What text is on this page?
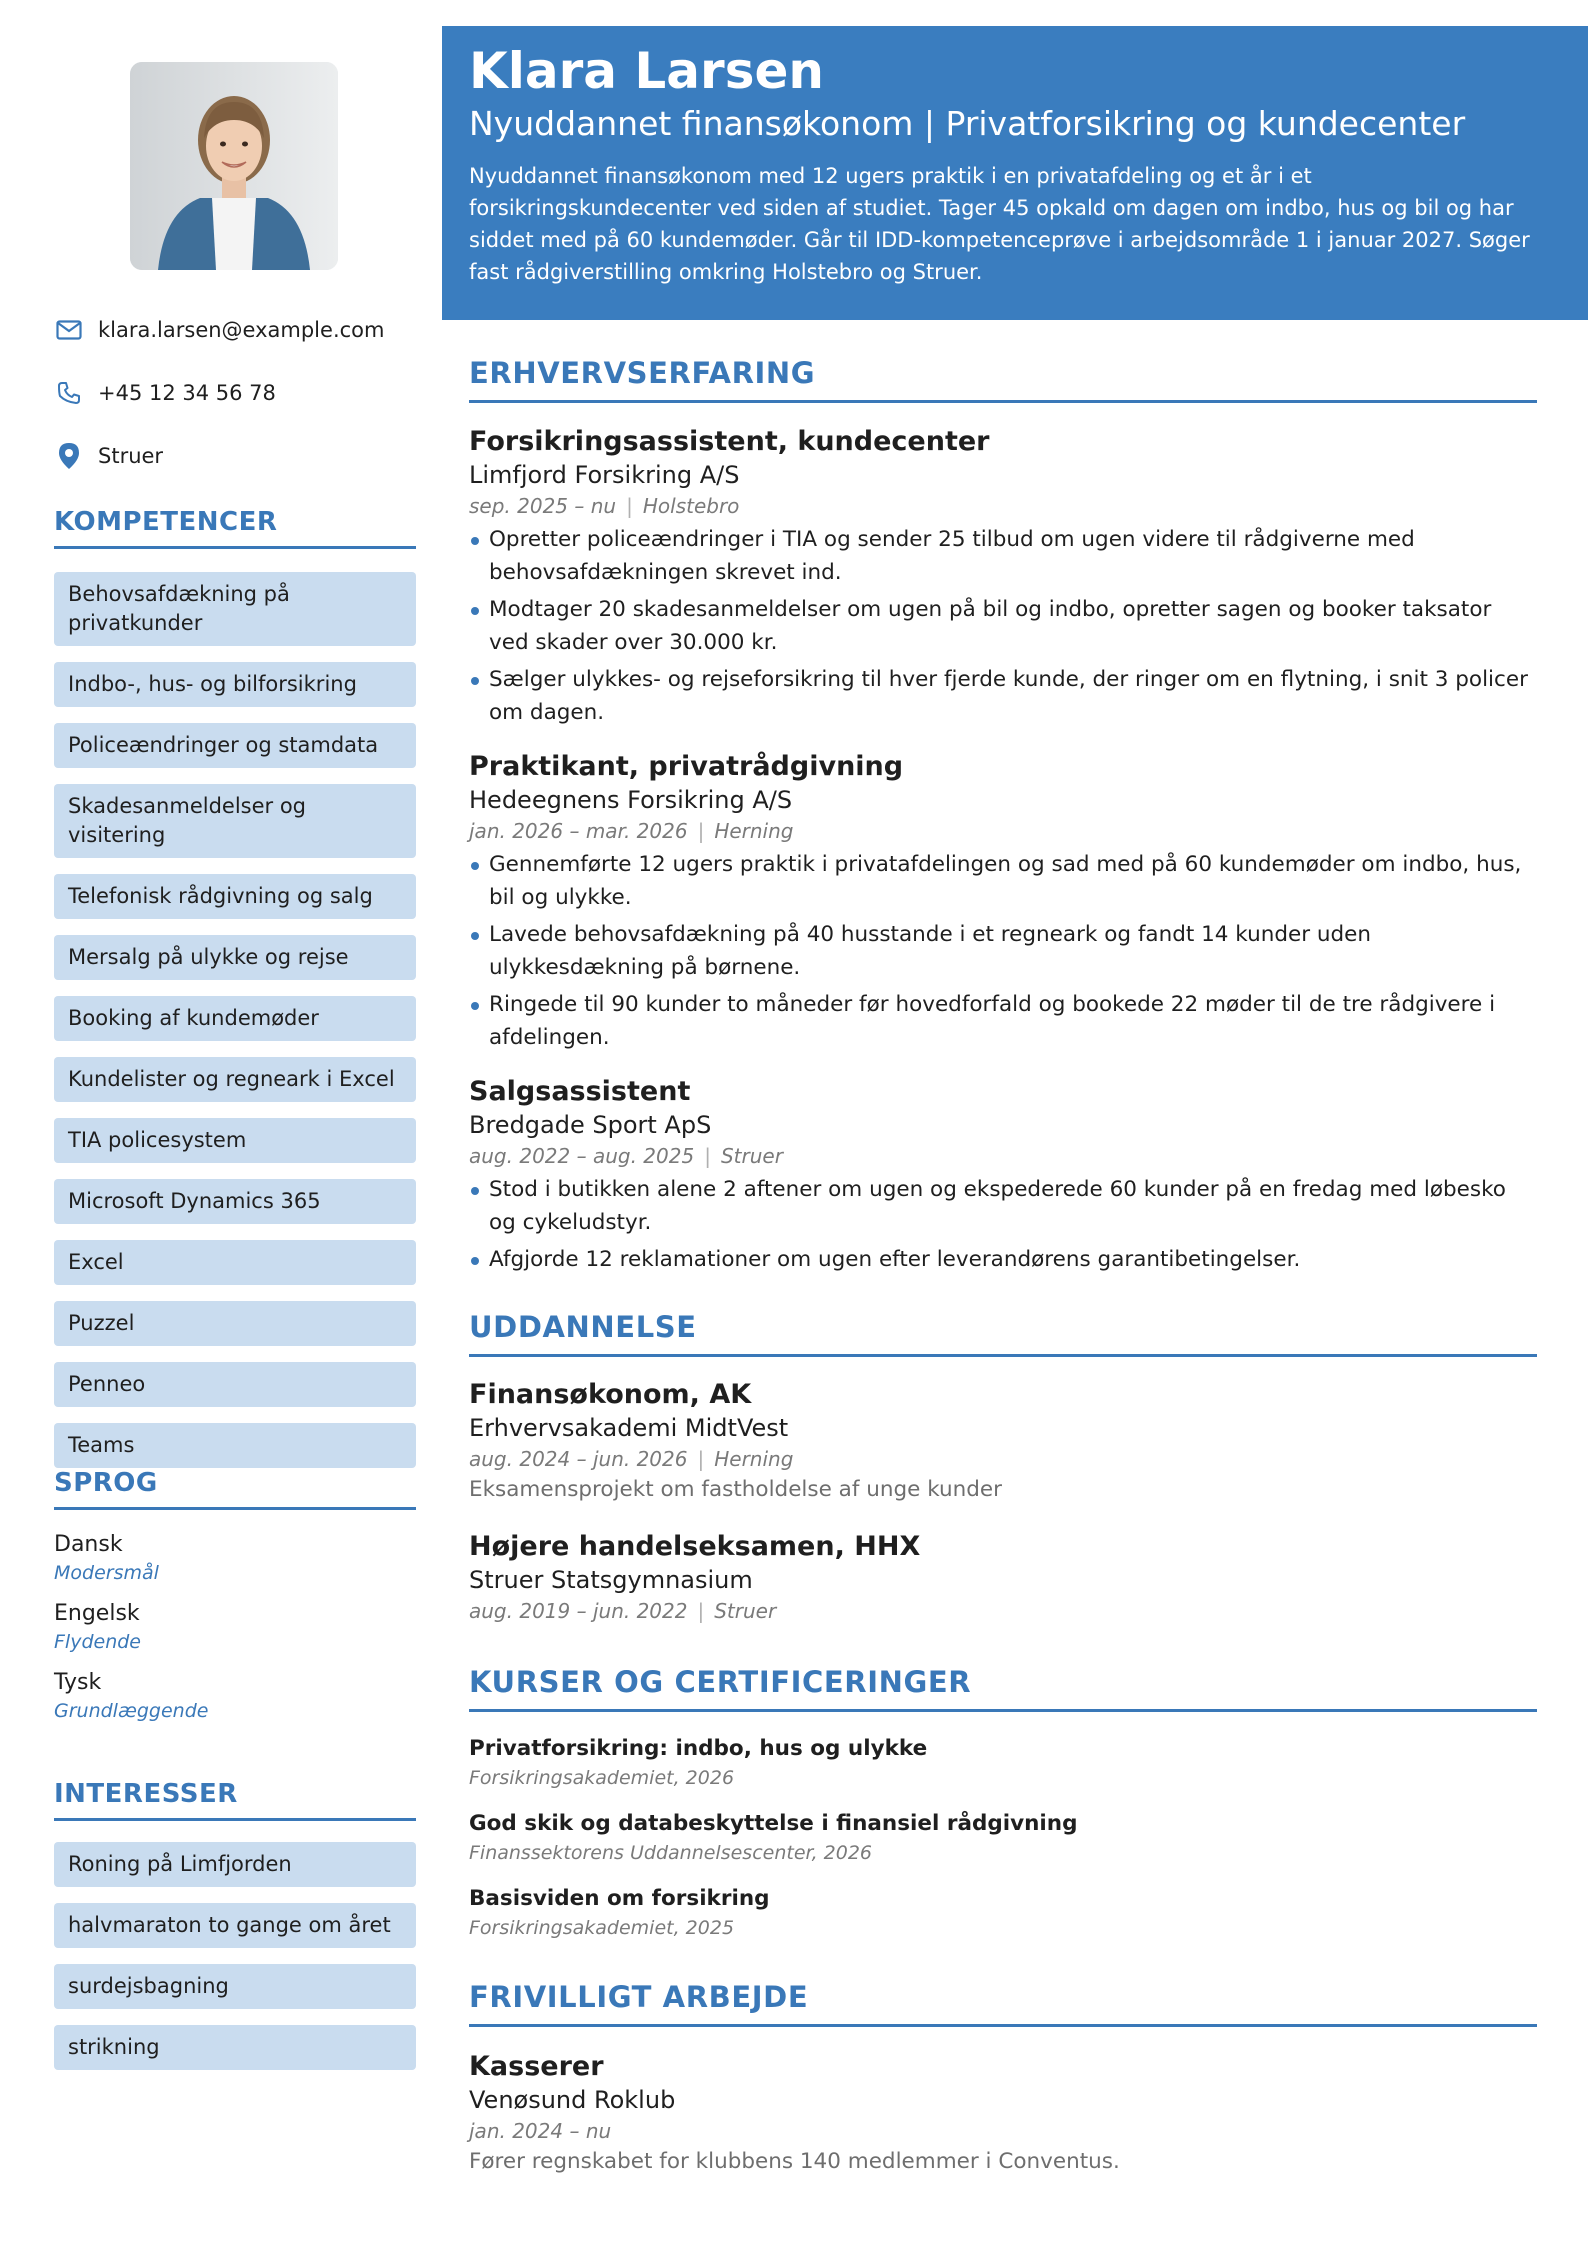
klara.larsen@example.com
+45 12 34 56 78
Struer
KOMPETENCER
Behovsafdækning på privatkunder
Indbo-, hus- og bilforsikring
Policeændringer og stamdata
Skadesanmeldelser og visitering
Telefonisk rådgivning og salg
Mersalg på ulykke og rejse
Booking af kundemøder
Kundelister og regneark i Excel
TIA policesystem
Microsoft Dynamics 365
Excel
Puzzel
Penneo
Teams
SPROG
Dansk
Modersmål
Engelsk
Flydende
Tysk
Grundlæggende
INTERESSER
Roning på Limfjorden
halvmaraton to gange om året
surdejsbagning
strikning
Klara Larsen
Nyuddannet finansøkonom | Privatforsikring og kundecenter

Nyuddannet finansøkonom med 12 ugers praktik i en privatafdeling og et år i et forsikringskundecenter ved siden af studiet. Tager 45 opkald om dagen om indbo, hus og bil og har siddet med på 60 kundemøder. Går til IDD-kompetenceprøve i arbejdsområde 1 i januar 2027. Søger fast rådgiverstilling omkring Holstebro og Struer.

ERHVERVSERFARING
Forsikringsassistent, kundecenter
Limfjord Forsikring A/S
sep. 2025 – nu | Holstebro
Opretter policeændringer i TIA og sender 25 tilbud om ugen videre til rådgiverne med behovsafdækningen skrevet ind.
Modtager 20 skadesanmeldelser om ugen på bil og indbo, opretter sagen og booker taksator ved skader over 30.000 kr.
Sælger ulykkes- og rejseforsikring til hver fjerde kunde, der ringer om en flytning, i snit 3 policer om dagen.
Praktikant, privatrådgivning
Hedeegnens Forsikring A/S
jan. 2026 – mar. 2026 | Herning
Gennemførte 12 ugers praktik i privatafdelingen og sad med på 60 kundemøder om indbo, hus, bil og ulykke.
Lavede behovsafdækning på 40 husstande i et regneark og fandt 14 kunder uden ulykkesdækning på børnene.
Ringede til 90 kunder to måneder før hovedforfald og bookede 22 møder til de tre rådgivere i afdelingen.
Salgsassistent
Bredgade Sport ApS
aug. 2022 – aug. 2025 | Struer
Stod i butikken alene 2 aftener om ugen og ekspederede 60 kunder på en fredag med løbesko og cykeludstyr.
Afgjorde 12 reklamationer om ugen efter leverandørens garantibetingelser.
UDDANNELSE
Finansøkonom, AK
Erhvervsakademi MidtVest
aug. 2024 – jun. 2026 | Herning
Eksamensprojekt om fastholdelse af unge kunder
Højere handelseksamen, HHX
Struer Statsgymnasium
aug. 2019 – jun. 2022 | Struer
KURSER OG CERTIFICERINGER
Privatforsikring: indbo, hus og ulykke
Forsikringsakademiet, 2026
God skik og databeskyttelse i finansiel rådgivning
Finanssektorens Uddannelsescenter, 2026
Basisviden om forsikring
Forsikringsakademiet, 2025
FRIVILLIGT ARBEJDE
Kasserer
Venøsund Roklub
jan. 2024 – nu
Fører regnskabet for klubbens 140 medlemmer i Conventus.
